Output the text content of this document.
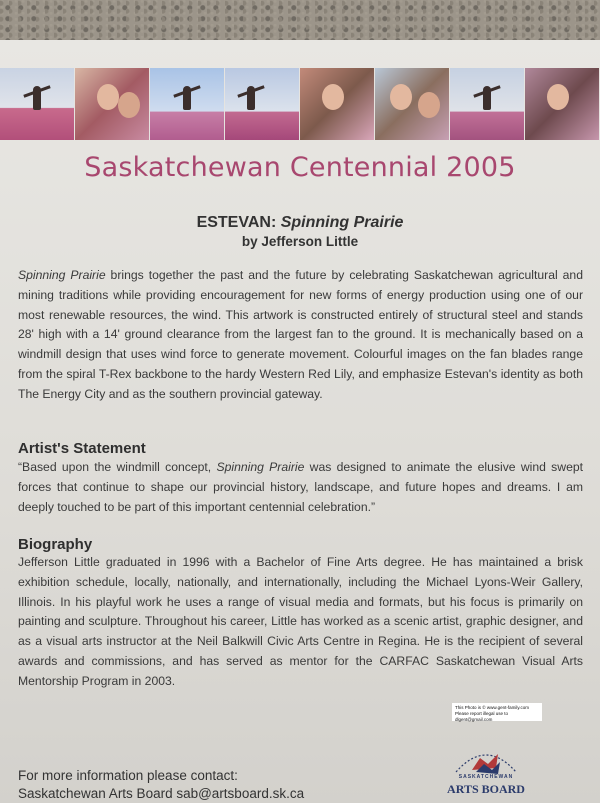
Saskatchewan Centennial 2005
ESTEVAN: Spinning Prairie
by Jefferson Little

Spinning Prairie brings together the past and the future by celebrating Saskatchewan agricultural and mining traditions while providing encouragement for new forms of energy production using one of our most renewable resources, the wind. This artwork is constructed entirely of structural steel and stands 28' high with a 14' ground clearance from the largest fan to the ground. It is mechanically based on a windmill design that uses wind force to generate movement. Colourful images on the fan blades range from the spiral T-Rex backbone to the hardy Western Red Lily, and emphasize Estevan's identity as both The Energy City and as the southern provincial gateway.

Artist's Statement

“Based upon the windmill concept, Spinning Prairie was designed to animate the elusive wind swept forces that continue to shape our provincial history, landscape, and future hopes and dreams. I am deeply touched to be part of this important centennial celebration.”

Biography

Jefferson Little graduated in 1996 with a Bachelor of Fine Arts degree. He has maintained a brisk exhibition schedule, locally, nationally, and internationally, including the Michael Lyons-Weir Gallery, Illinois. In his playful work he uses a range of visual media and formats, but his focus is primarily on painting and sculpture. Throughout his career, Little has worked as a scenic artist, graphic designer, and as a visual arts instructor at the Neil Balkwill Civic Arts Centre in Regina. He is the recipient of several awards and commissions, and has served as mentor for the CARFAC Saskatchewan Visual Arts Mentorship Program in 2003.

This Photo is © www.gent-family.com
Please report illegal use to dlgent@gmail.com
For more information please contact:
Saskatchewan Arts Board sab@artsboard.sk.ca
SASKATCHEWAN
ARTS BOARD
